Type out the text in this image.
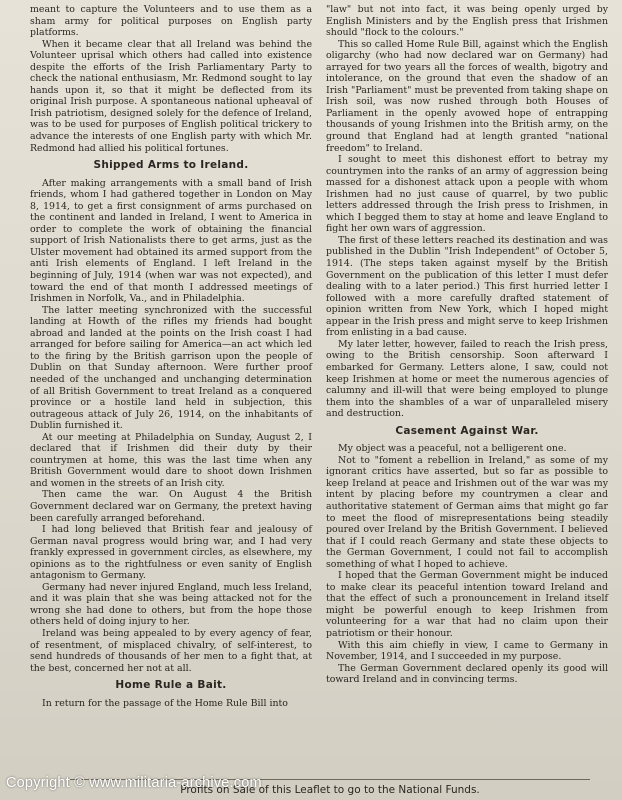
meant to capture the Volunteers and to use them as a sham army for political purposes on English party platforms.

When it became clear that all Ireland was behind the Volunteer uprisal which others had called into existence despite the efforts of the Irish Parliamentary Party to check the national enthusiasm, Mr. Redmond sought to lay hands upon it, so that it might be deflected from its original Irish purpose. A spontaneous national upheaval of Irish patriotism, designed solely for the defence of Ireland, was to be used for purposes of English political trickery to advance the interests of one English party with which Mr. Redmond had allied his political fortunes.

Shipped Arms to Ireland.

After making arrangements with a small band of Irish friends, whom I had gathered together in London on May 8, 1914, to get a first consignment of arms purchased on the continent and landed in Ireland, I went to America in order to complete the work of obtaining the financial support of Irish Nationalists there to get arms, just as the Ulster movement had obtained its armed support from the anti Irish elements of England. I left Ireland in the beginning of July, 1914 (when war was not expected), and toward the end of that month I addressed meetings of Irishmen in Norfolk, Va., and in Philadelphia.

The latter meeting synchronized with the successful landing at Howth of the rifles my friends had bought abroad and landed at the points on the Irish coast I had arranged for before sailing for America—an act which led to the firing by the British garrison upon the people of Dublin on that Sunday afternoon. Were further proof needed of the unchanged and unchanging determination of all British Government to treat Ireland as a conquered province or a hostile land held in subjection, this outrageous attack of July 26, 1914, on the inhabitants of Dublin furnished it.

At our meeting at Philadelphia on Sunday, August 2, I declared that if Irishmen did their duty by their countrymen at home, this was the last time when any British Government would dare to shoot down Irishmen and women in the streets of an Irish city.

Then came the war. On August 4 the British Government declared war on Germany, the pretext having been carefully arranged beforehand.

I had long believed that British fear and jealousy of German naval progress would bring war, and I had very frankly expressed in government circles, as elsewhere, my opinions as to the rightfulness or even sanity of English antagonism to Germany.

Germany had never injured England, much less Ireland, and it was plain that she was being attacked not for the wrong she had done to others, but from the hope those others held of doing injury to her.

Ireland was being appealed to by every agency of fear, of resentment, of misplaced chivalry, of self-interest, to send hundreds of thousands of her men to a fight that, at the best, concerned her not at all.

Home Rule a Bait.

In return for the passage of the Home Rule Bill into

"law" but not into fact, it was being openly urged by English Ministers and by the English press that Irishmen should "flock to the colours."

This so called Home Rule Bill, against which the English oligarchy (who had now declared war on Germany) had arrayed for two years all the forces of wealth, bigotry and intolerance, on the ground that even the shadow of an Irish "Parliament" must be prevented from taking shape on Irish soil, was now rushed through both Houses of Parliament in the openly avowed hope of entrapping thousands of young Irishmen into the British army, on the ground that England had at length granted "national freedom" to Ireland.

I sought to meet this dishonest effort to betray my countrymen into the ranks of an army of aggression being massed for a dishonest attack upon a people with whom Irishmen had no just cause of quarrel, by two public letters addressed through the Irish press to Irishmen, in which I begged them to stay at home and leave England to fight her own wars of aggression.

The first of these letters reached its destination and was published in the Dublin "Irish Independent" of October 5, 1914. (The steps taken against myself by the British Government on the publication of this letter I must defer dealing with to a later period.) This first hurried letter I followed with a more carefully drafted statement of opinion written from New York, which I hoped might appear in the Irish press and might serve to keep Irishmen from enlisting in a bad cause.

My later letter, however, failed to reach the Irish press, owing to the British censorship. Soon afterward I embarked for Germany. Letters alone, I saw, could not keep Irishmen at home or meet the numerous agencies of calumny and ill-will that were being employed to plunge them into the shambles of a war of unparalleled misery and destruction.

Casement Against War.

My object was a peaceful, not a belligerent one.

Not to "foment a rebellion in Ireland," as some of my ignorant critics have asserted, but so far as possible to keep Ireland at peace and Irishmen out of the war was my intent by placing before my countrymen a clear and authoritative statement of German aims that might go far to meet the flood of misrepresentations being steadily poured over Ireland by the British Government. I believed that if I could reach Germany and state these objects to the German Government, I could not fail to accomplish something of what I hoped to achieve.

I hoped that the German Government might be induced to make clear its peaceful intention toward Ireland and that the effect of such a pronouncement in Ireland itself might be powerful enough to keep Irishmen from volunteering for a war that had no claim upon their patriotism or their honour.

With this aim chiefly in view, I came to Germany in November, 1914, and I succeeded in my purpose.

The German Government declared openly its good will toward Ireland and in convincing terms.

Profits on Sale of this Leaflet to go to the National Funds.
Copyright © www.militaria-archive.com
